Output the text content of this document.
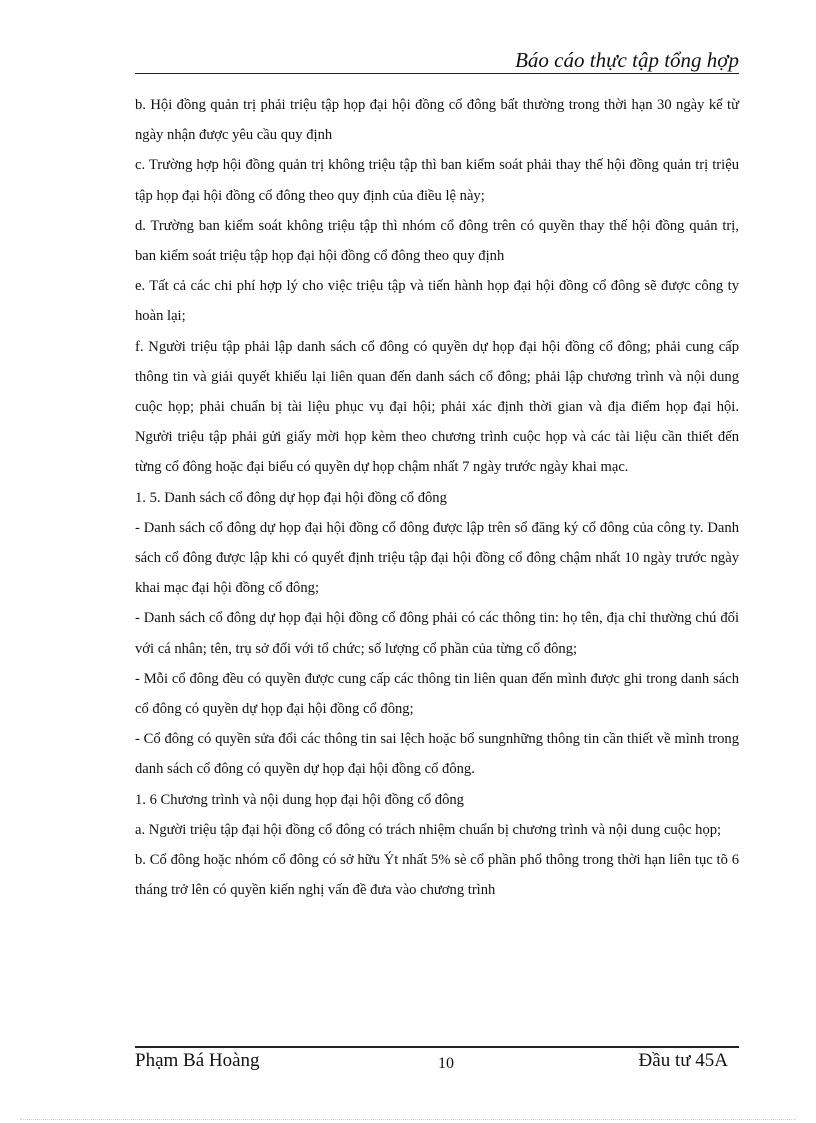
Báo cáo thực tập tổng hợp

b. Hội đồng quản trị phải triệu tập họp đại hội đồng cổ đông bất thường trong thời hạn 30 ngày kể từ ngày nhận được yêu cầu quy định

c. Trường hợp hội đồng quản trị không triệu tập thì ban kiểm soát phải thay thế hội đồng quản trị triệu tập họp đại hội đồng cổ đông theo quy định của điều lệ này;

d. Trường ban kiểm soát không triệu tập thì nhóm cổ đông trên có quyền thay thế hội đồng quản trị, ban kiểm soát triệu tập họp đại hội đồng cổ đông theo quy định

e. Tất cả các chi phí hợp lý cho việc triệu tập và tiến hành họp đại hội đồng cổ đông sẽ được công ty hoàn lại;

f. Người triệu tập phải lập danh sách cổ đông có quyền dự họp đại hội đồng cổ đông; phải cung cấp thông tin và giải quyết khiếu lại liên quan đến danh sách cổ đông; phải lập chương trình và nội dung cuộc họp; phải chuẩn bị tài liệu phục vụ đại hội; phải xác định thời gian và địa điểm họp đại hội. Người triệu tập phải gửi giấy mời họp kèm theo chương trình cuộc họp và các tài liệu cần thiết đến từng cổ đông hoặc đại biểu có quyền dự họp chậm nhất 7 ngày trước ngày khai mạc.

1. 5. Danh sách cổ đông dự họp đại hội đồng cổ đông

- Danh sách cổ đông dự họp đại hội đồng cổ đông được lập trên sổ đăng ký cổ đông của công ty. Danh sách cổ đông được lập khi có quyết định triệu tập đại hội đồng cổ đông chậm nhất 10 ngày trước ngày khai mạc đại hội đồng cổ đông;

- Danh sách cổ đông dự họp đại hội đồng cổ đông phải có các thông tin: họ tên, địa chỉ thường chú đối với cá nhân; tên, trụ sở đối với tổ chức; số lượng cổ phần của từng cổ đông;

- Mỗi cổ đông đều có quyền được cung cấp các thông tin liên quan đến mình được ghi trong danh sách cổ đông có quyền dự họp đại hội đồng cổ đông;

- Cổ đông có quyền sửa đổi các thông tin sai lệch hoặc bổ sungnhững thông tin cần thiết về mình trong danh sách cổ đông có quyền dự họp đại hội đồng cổ đông.

1. 6 Chương trình và nội dung họp đại hội đồng cổ đông

a. Người triệu tập đại hội đồng cổ đông có trách nhiệm chuẩn bị chương trình và nội dung cuộc họp;

b. Cổ đông hoặc nhóm cổ đông có sở hữu Ýt nhất 5% sè cổ phần phổ thông trong thời hạn liên tục tõ 6 tháng trở lên có quyền kiến nghị vấn đề đưa vào chương trình

Phạm Bá Hoàng	10	Đầu tư 45A
